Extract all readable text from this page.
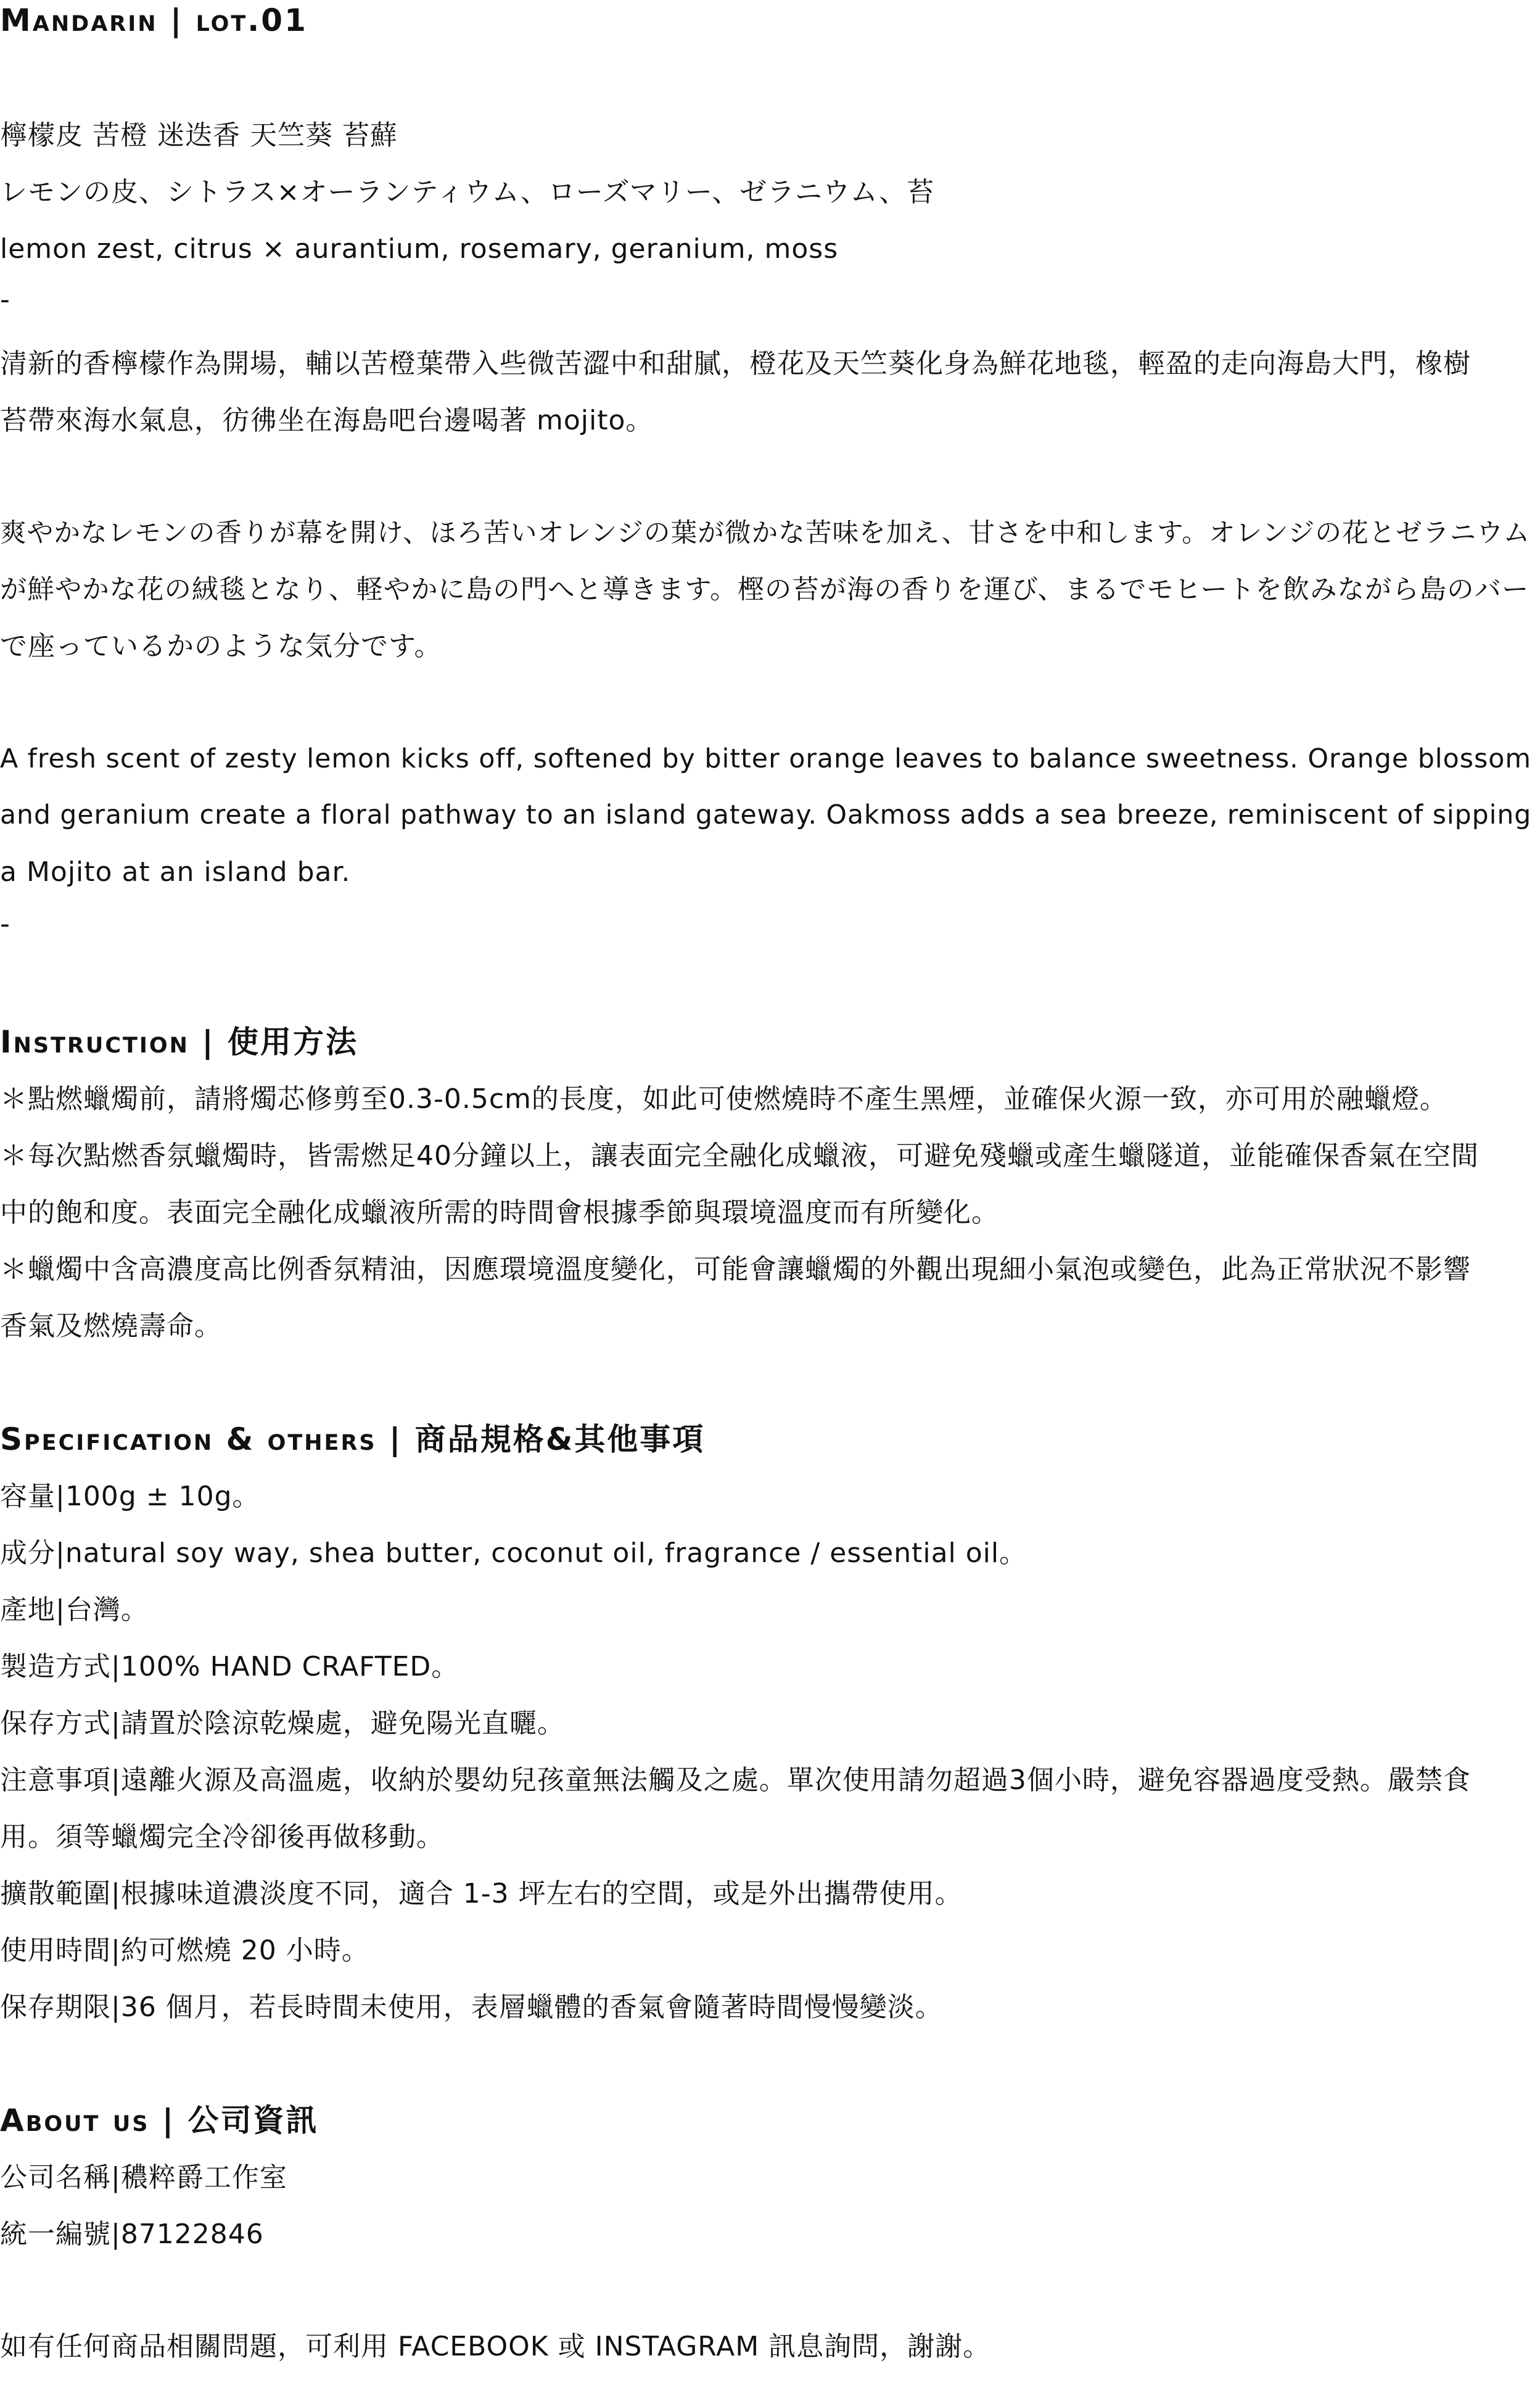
Mandarin | lot.01
檸檬皮 苦橙 迷迭香 天竺葵 苔蘚
レモンの皮、シトラス×オーランティウム、ローズマリー、ゼラニウム、苔
lemon zest, citrus × aurantium, rosemary, geranium, moss
-
清新的香檸檬作為開場，輔以苦橙葉帶入些微苦澀中和甜膩，橙花及天竺葵化身為鮮花地毯，輕盈的走向海島大門，橡樹
苔帶來海水氣息，彷彿坐在海島吧台邊喝著 mojito。
爽やかなレモンの香りが幕を開け、ほろ苦いオレンジの葉が微かな苦味を加え、甘さを中和します。オレンジの花とゼラニウム
が鮮やかな花の絨毯となり、軽やかに島の門へと導きます。樫の苔が海の香りを運び、まるでモヒートを飲みながら島のバー
で座っているかのような気分です。
A fresh scent of zesty lemon kicks off, softened by bitter orange leaves to balance sweetness. Orange blossom
and geranium create a floral pathway to an island gateway. Oakmoss adds a sea breeze, reminiscent of sipping
a Mojito at an island bar.
-
Instruction | 使用方法
＊點燃蠟燭前，請將燭芯修剪至0.3-0.5cm的長度，如此可使燃燒時不產生黑煙，並確保火源一致，亦可用於融蠟燈。
＊每次點燃香氛蠟燭時，皆需燃足40分鐘以上，讓表面完全融化成蠟液，可避免殘蠟或產生蠟隧道，並能確保香氣在空間
中的飽和度。表面完全融化成蠟液所需的時間會根據季節與環境溫度而有所變化。
＊蠟燭中含高濃度高比例香氛精油，因應環境溫度變化，可能會讓蠟燭的外觀出現細小氣泡或變色，此為正常狀況不影響
香氣及燃燒壽命。
Specification & others | 商品規格&其他事項
容量|100g ± 10g。
成分|natural soy way, shea butter, coconut oil, fragrance / essential oil。
產地|台灣。
製造方式|100% HAND CRAFTED。
保存方式|請置於陰涼乾燥處，避免陽光直曬。
注意事項|遠離火源及高溫處，收納於嬰幼兒孩童無法觸及之處。單次使用請勿超過3個小時，避免容器過度受熱。嚴禁食
用。須等蠟燭完全冷卻後再做移動。
擴散範圍|根據味道濃淡度不同，適合 1-3 坪左右的空間，或是外出攜帶使用。
使用時間|約可燃燒 20 小時。
保存期限|36 個月，若長時間未使用，表層蠟體的香氣會隨著時間慢慢變淡。
About us | 公司資訊
公司名稱|穠粹爵工作室
統一編號|87122846
如有任何商品相關問題，可利用 FACEBOOK 或 INSTAGRAM 訊息詢問，謝謝。
